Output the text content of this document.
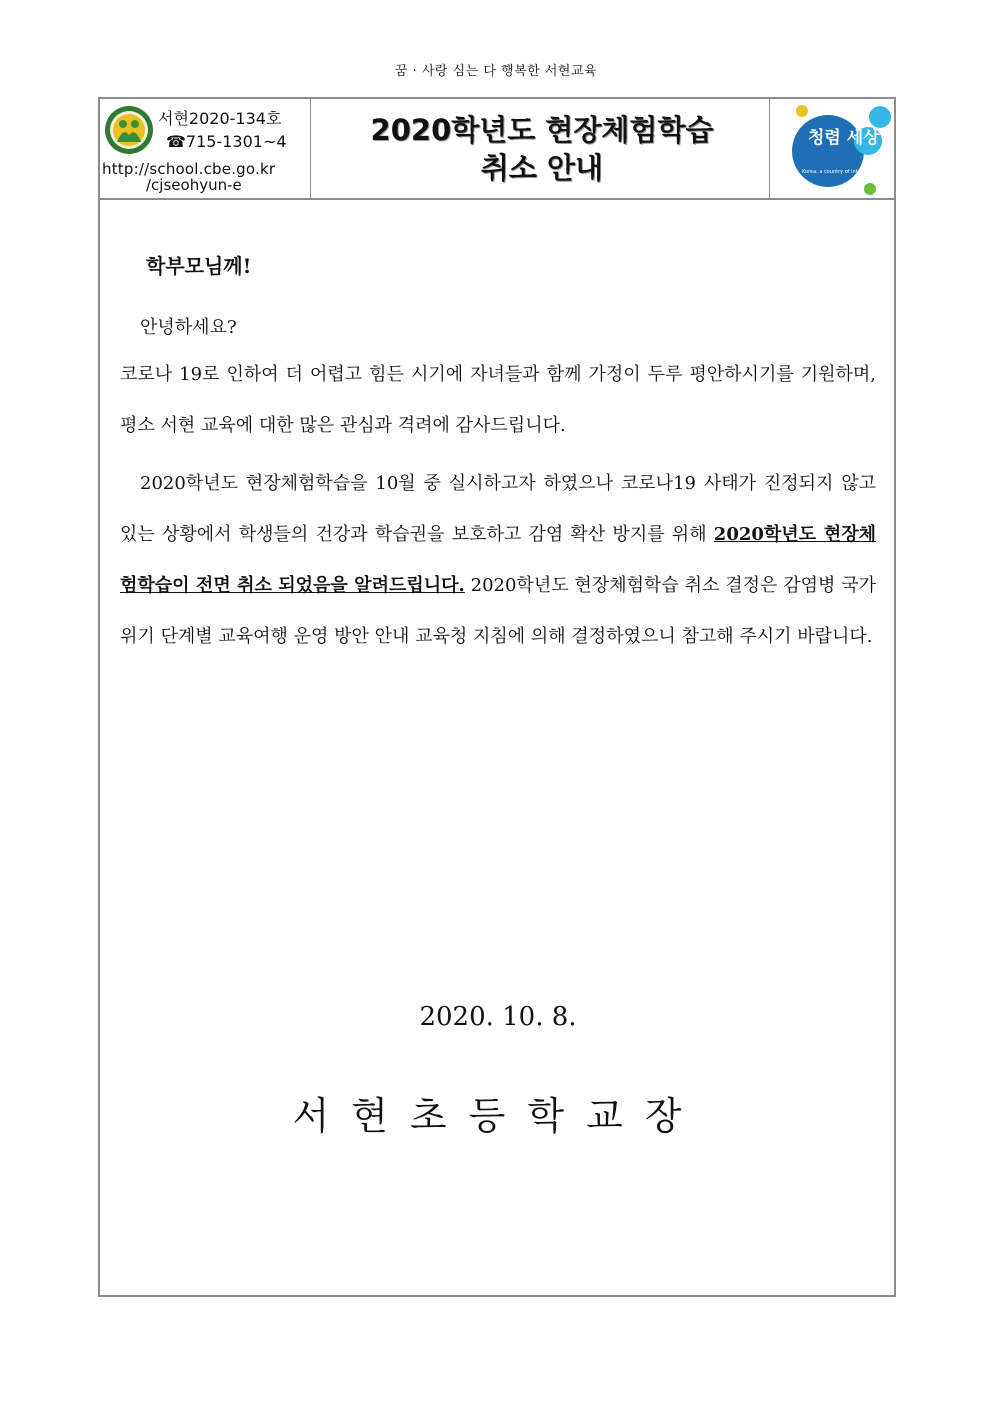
꿈 · 사랑 심는 다 행복한 서현교육
서현2020-134호
☎715-1301~4
http://school.cbe.go.kr
/cjseohyun-e
2020학년도 현장체험학습
취소 안내
청렴 세상
Korea, a country of integrity
학부모님께!
안녕하세요?
코로나 19로 인하여 더 어렵고 힘든 시기에 자녀들과 함께 가정이 두루 평안하시기를 기원하며, 평소 서현 교육에 대한 많은 관심과 격려에 감사드립니다.
2020학년도 현장체험학습을 10월 중 실시하고자 하였으나 코로나19 사태가 진정되지 않고 있는 상황에서 학생들의 건강과 학습권을 보호하고 감염 확산 방지를 위해 2020학년도 현장체험학습이 전면 취소 되었음을 알려드립니다. 2020학년도 현장체험학습 취소 결정은 감염병 국가위기 단계별 교육여행 운영 방안 안내 교육청 지침에 의해 결정하였으니 참고해 주시기 바랍니다.
2020. 10. 8.
서현초등학교장
